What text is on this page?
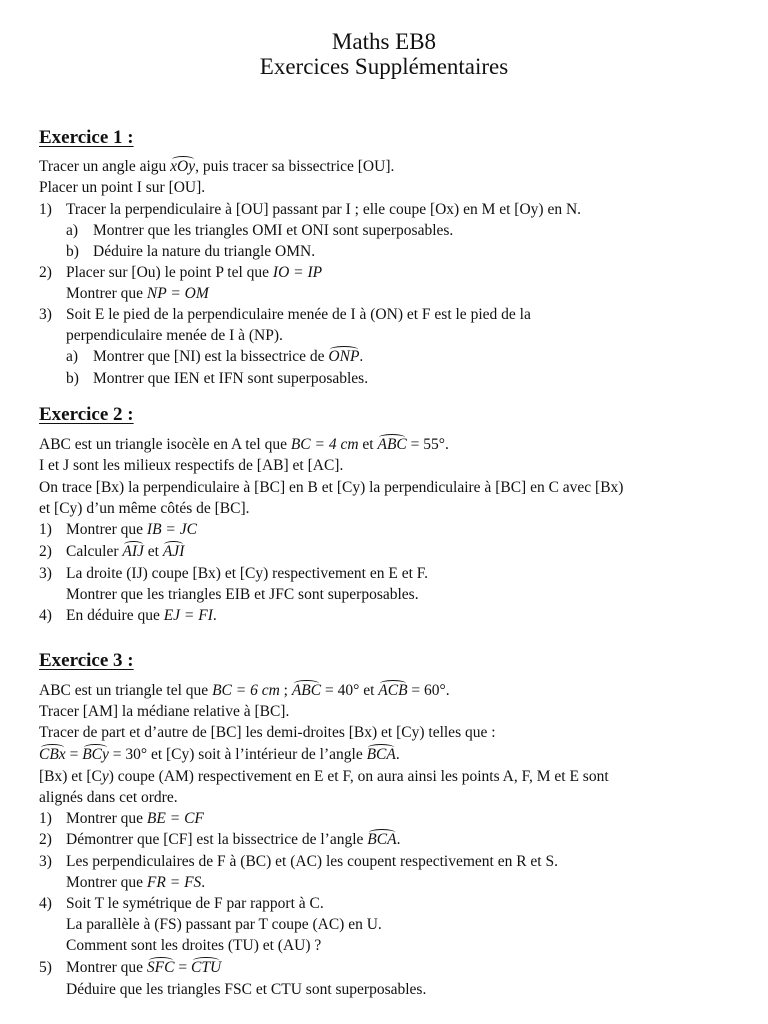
Maths EB8
Exercices Supplémentaires
Exercice 1 :
Tracer un angle aigu xOy, puis tracer sa bissectrice [OU].
Placer un point I sur [OU].
1) Tracer la perpendiculaire à [OU] passant par I ; elle coupe [Ox) en M et [Oy) en N.
a) Montrer que les triangles OMI et ONI sont superposables.
b) Déduire la nature du triangle OMN.
2) Placer sur [Ou) le point P tel que IO = IP
Montrer que NP = OM
3) Soit E le pied de la perpendiculaire menée de I à (ON) et F est le pied de la
perpendiculaire menée de I à (NP).
a) Montrer que [NI) est la bissectrice de ONP.
b) Montrer que IEN et IFN sont superposables.
Exercice 2 :
ABC est un triangle isocèle en A tel que BC = 4 cm et ABC = 55°.
I et J sont les milieux respectifs de [AB] et [AC].
On trace [Bx) la perpendiculaire à [BC] en B et [Cy) la perpendiculaire à [BC] en C avec [Bx)
et [Cy) d’un même côtés de [BC].
1) Montrer que IB = JC
2) Calculer AIJ et AJI
3) La droite (IJ) coupe [Bx) et [Cy) respectivement en E et F.
Montrer que les triangles EIB et JFC sont superposables.
4) En déduire que EJ = FI.
Exercice 3 :
ABC est un triangle tel que BC = 6 cm ; ABC = 40° et ACB = 60°.
Tracer [AM] la médiane relative à [BC].
Tracer de part et d’autre de [BC] les demi-droites [Bx) et [Cy) telles que :
CBx = BCy = 30° et [Cy) soit à l’intérieur de l’angle BCA.
[Bx) et [Cy) coupe (AM) respectivement en E et F, on aura ainsi les points A, F, M et E sont
alignés dans cet ordre.
1) Montrer que BE = CF
2) Démontrer que [CF] est la bissectrice de l’angle BCA.
3) Les perpendiculaires de F à (BC) et (AC) les coupent respectivement en R et S.
Montrer que FR = FS.
4) Soit T le symétrique de F par rapport à C.
La parallèle à (FS) passant par T coupe (AC) en U.
Comment sont les droites (TU) et (AU) ?
5) Montrer que SFC = CTU
Déduire que les triangles FSC et CTU sont superposables.
